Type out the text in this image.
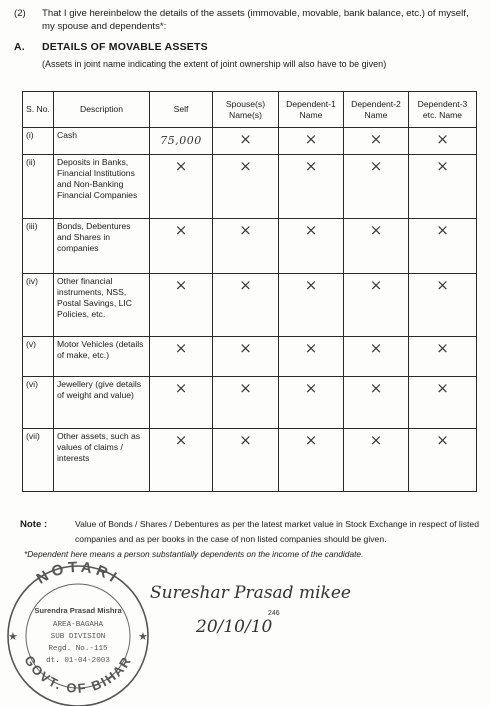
(2) That I give hereinbelow the details of the assets (immovable, movable, bank balance, etc.) of myself, my spouse and dependents*:
A. DETAILS OF MOVABLE ASSETS
(Assets in joint name indicating the extent of joint ownership will also have to be given)
S. No.	Description	Self	Spouse(s) Name(s)	Dependent-1 Name	Dependent-2 Name	Dependent-3 etc. Name
(i)	Cash	75,000	×	×	×	×
(ii)	Deposits in Banks, Financial Institutions and Non-Banking Financial Companies	×	×	×	×	×
(iii)	Bonds, Debentures and Shares in companies	×	×	×	×	×
(iv)	Other financial instruments, NSS, Postal Savings, LIC Policies, etc.	×	×	×	×	×
(v)	Motor Vehicles (details of make, etc.)	×	×	×	×	×
(vi)	Jewellery (give details of weight and value)	×	×	×	×	×
(vii)	Other assets, such as values of claims / interests	×	×	×	×	×
Note :	Value of Bonds / Shares / Debentures as per the latest market value in Stock Exchange in respect of listed companies and as per books in the case of non listed companies should be given.
*Dependent here means a person substantially dependents on the income of the candidate.
NOTARI
GOVT. OF BIHAR
Surendra Prasad Mishra
AREA-BAGAHA
SUB DIVISION
Regd. No.-115
dt. 01-04-2003
★	★
Sureshar Prasad mikee
20/10/10
246
